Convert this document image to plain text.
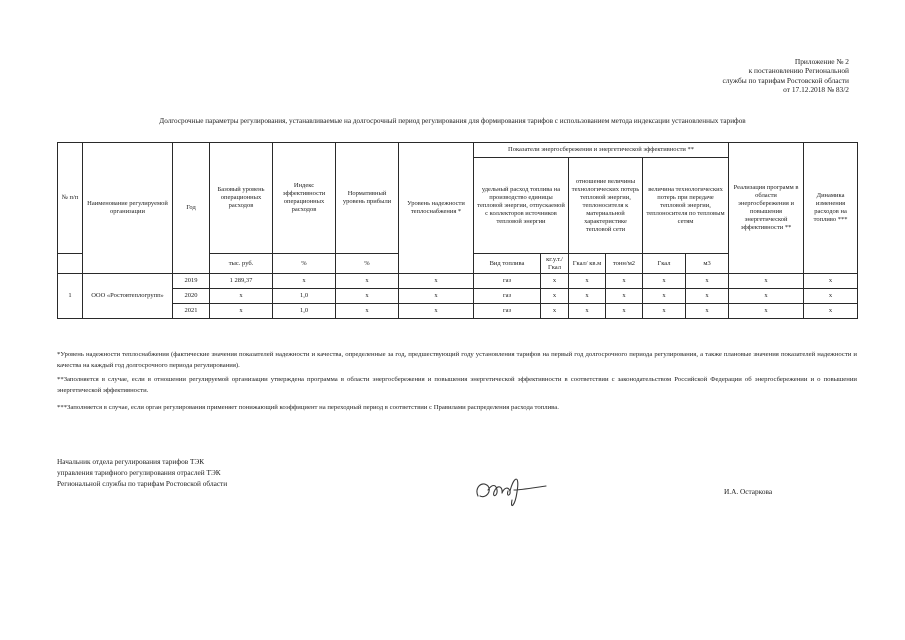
Приложение № 2
к постановлению Региональной
службы по тарифам Ростовской области
от 17.12.2018 № 83/2
Долгосрочные параметры регулирования, устанавливаемые на долгосрочный период регулирования для формирования тарифов с использованием метода индексации установленных тарифов
№ п/п	Наименование регулируемой организации	Год	Базовый уровень операционных расходов	Индекс эффективности операционных расходов	Нормативный уровень прибыли	Уровень надежности теплоснабжения *	Показатели энергосбережения и энергетической эффективности **						Реализация программ в области энергосбережения и повышения энергетической эффективности **	Динамика изменения расходов на топливо ***
							удельный расход топлива на производство единицы тепловой энергии, отпускаемой с коллекторов источников тепловой энергии		отношение величины технологических потерь тепловой энергии, теплоносителя к материальной характеристике тепловой сети		величина технологических потерь при передаче тепловой энергии, теплоносителя по тепловым сетям			
			тыс. руб.	%	%		Вид топлива	кг.у.т./Гкал	Гкал/ кв.м	тонн/м2	Гкал	м3		
1	ООО «Ростовтеплогрупп»	2019	1 289,37	х	х	х	газ	х	х	х	х	х	х	х
		2020	х	1,0	х	х	газ	х	х	х	х	х	х	х
		2021	х	1,0	х	х	газ	х	х	х	х	х	х	х
*Уровень надежности теплоснабжения (фактические значения показателей надежности и качества, определенные за год, предшествующий году установления тарифов на первый год долгосрочного периода регулирования, а также плановые значения показателей надежности и качества на каждый год долгосрочного периода регулирования).
**Заполняется в случае, если в отношении регулируемой организации утверждена программа в области энергосбережения и повышения энергетической эффективности в соответствии с законодательством Российской Федерации об энергосбережении и о повышении энергетической эффективности.
***Заполняется в случае, если орган регулирования применяет понижающий коэффициент на переходный период в соответствии с Правилами распределения расхода топлива.
Начальник отдела регулирования тарифов ТЭК
управления тарифного регулирования отраслей ТЭК
Региональной службы по тарифам Ростовской области
И.А. Остаркова
